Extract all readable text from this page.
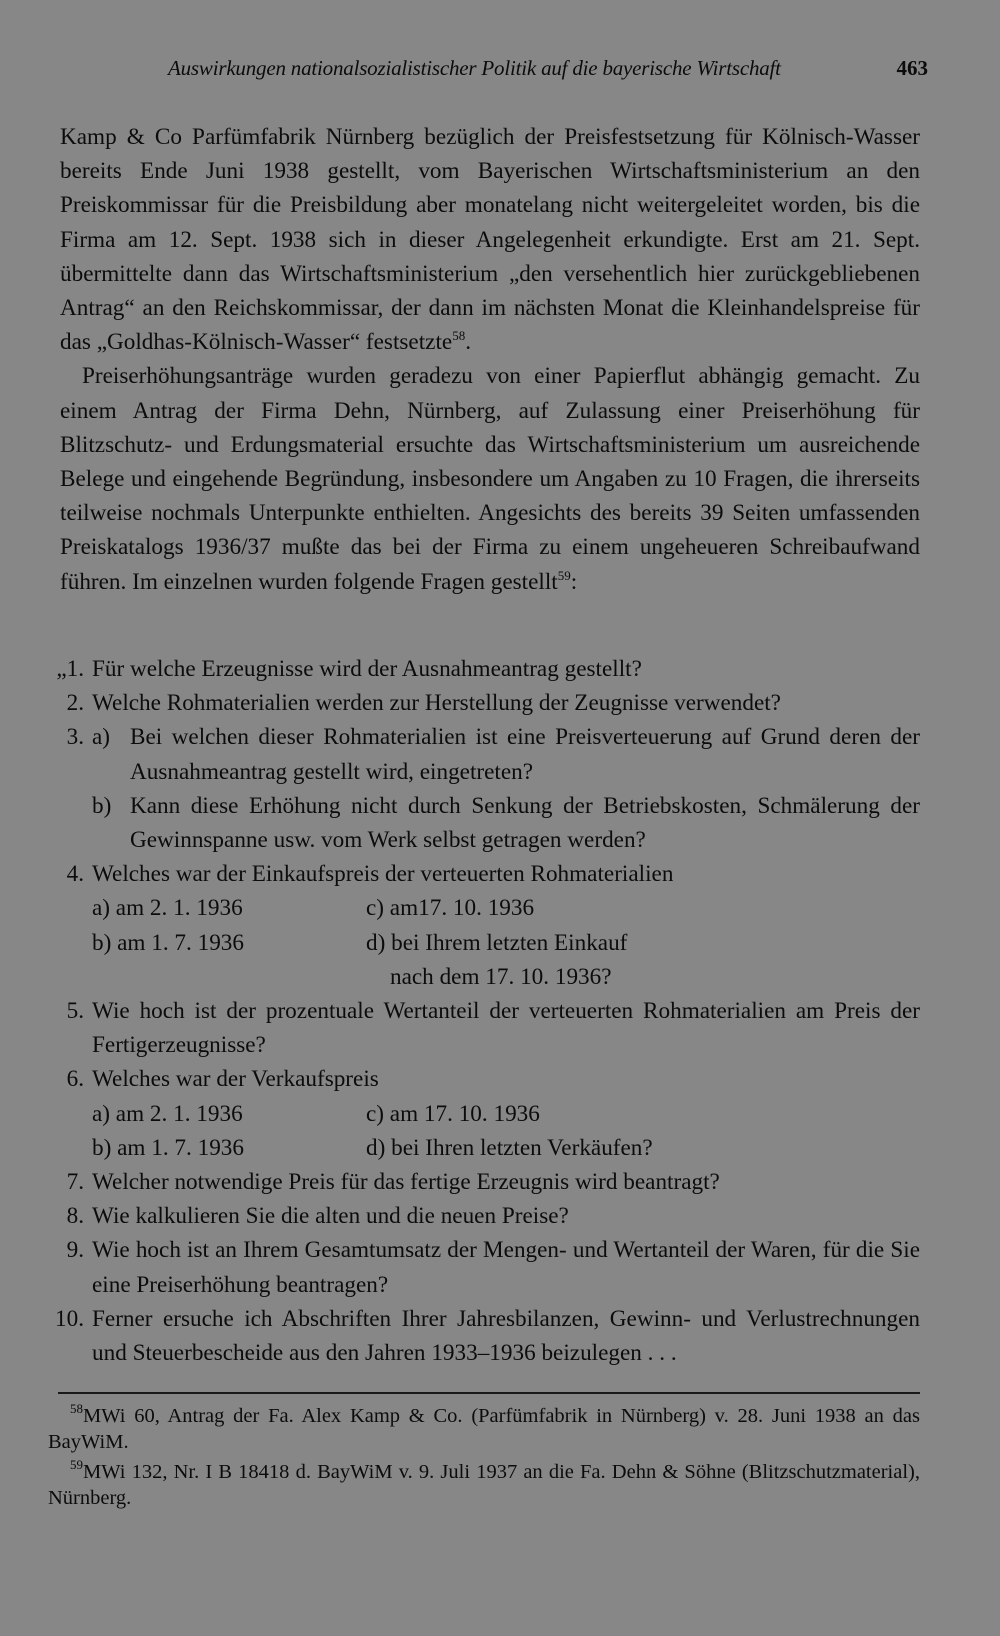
Auswirkungen nationalsozialistischer Politik auf die bayerische Wirtschaft	463

Kamp & Co Parfümfabrik Nürnberg bezüglich der Preisfestsetzung für Kölnisch-Wasser bereits Ende Juni 1938 gestellt, vom Bayerischen Wirtschaftsministerium an den Preiskommissar für die Preisbildung aber monatelang nicht weitergeleitet worden, bis die Firma am 12. Sept. 1938 sich in dieser Angelegenheit erkundigte. Erst am 21. Sept. übermittelte dann das Wirtschaftsministerium „den versehentlich hier zurückgebliebenen Antrag“ an den Reichskommissar, der dann im nächsten Monat die Kleinhandelspreise für das „Goldhas-Kölnisch-Wasser“ festsetzte$^{58}$.

Preiserhöhungsanträge wurden geradezu von einer Papierflut abhängig gemacht. Zu einem Antrag der Firma Dehn, Nürnberg, auf Zulassung einer Preiserhöhung für Blitzschutz- und Erdungsmaterial ersuchte das Wirtschaftsministerium um ausreichende Belege und eingehende Begründung, insbesondere um Angaben zu 10 Fragen, die ihrerseits teilweise nochmals Unterpunkte enthielten. Angesichts des bereits 39 Seiten umfassenden Preiskatalogs 1936/37 mußte das bei der Firma zu einem ungeheueren Schreibaufwand führen. Im einzelnen wurden folgende Fragen gestellt$^{59}$:

„1. Für welche Erzeugnisse wird der Ausnahmeantrag gestellt?
2. Welche Rohmaterialien werden zur Herstellung der Zeugnisse verwendet?
3. a) Bei welchen dieser Rohmaterialien ist eine Preisverteuerung auf Grund deren der Ausnahmeantrag gestellt wird, eingetreten?
b) Kann diese Erhöhung nicht durch Senkung der Betriebskosten, Schmälerung der Gewinnspanne usw. vom Werk selbst getragen werden?
4. Welches war der Einkaufspreis der verteuerten Rohmaterialien
a) am 2. 1. 1936	c) am17. 10. 1936
b) am 1. 7. 1936	d) bei Ihrem letzten Einkauf
nach dem 17. 10. 1936?
5. Wie hoch ist der prozentuale Wertanteil der verteuerten Rohmaterialien am Preis der Fertigerzeugnisse?
6. Welches war der Verkaufspreis
a) am 2. 1. 1936	c) am 17. 10. 1936
b) am 1. 7. 1936	d) bei Ihren letzten Verkäufen?
7. Welcher notwendige Preis für das fertige Erzeugnis wird beantragt?
8. Wie kalkulieren Sie die alten und die neuen Preise?
9. Wie hoch ist an Ihrem Gesamtumsatz der Mengen- und Wertanteil der Waren, für die Sie eine Preiserhöhung beantragen?
10. Ferner ersuche ich Abschriften Ihrer Jahresbilanzen, Gewinn- und Verlustrechnungen und Steuerbescheide aus den Jahren 1933–1936 beizulegen . . .

$^{58}$MWi 60, Antrag der Fa. Alex Kamp & Co. (Parfümfabrik in Nürnberg) v. 28. Juni 1938 an das BayWiM.

$^{59}$MWi 132, Nr. I B 18418 d. BayWiM v. 9. Juli 1937 an die Fa. Dehn & Söhne (Blitzschutzmaterial), Nürnberg.
